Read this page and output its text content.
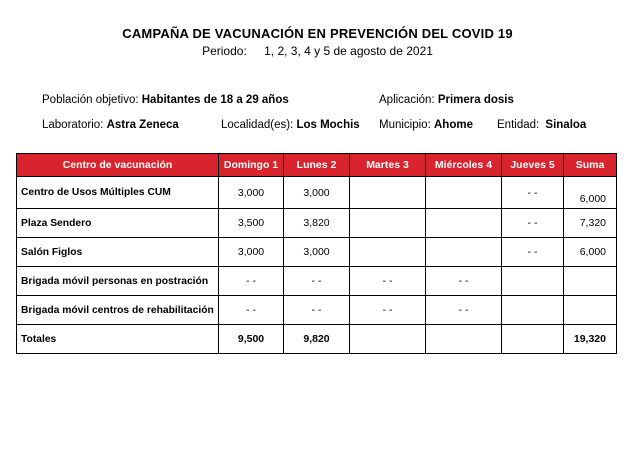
CAMPAÑA DE VACUNACIÓN EN PREVENCIÓN DEL COVID 19
Periodo: 1, 2, 3, 4 y 5 de agosto de 2021
Población objetivo: Habitantes de 18 a 29 años	Aplicación: Primera dosis
Laboratorio: Astra Zeneca	Localidad(es): Los Mochis Municipio: Ahome Entidad: Sinaloa
Centro de vacunación	Domingo 1	Lunes 2	Martes 3	Miércoles 4	Jueves 5	Suma
Centro de Usos Múltiples CUM	3,000	3,000			- -	6,000
Plaza Sendero	3,500	3,820			- -	7,320
Salón Figlos	3,000	3,000			- -	6,000
Brigada móvil personas en postración	- -	- -	- -	- -		
Brigada móvil centros de rehabilitación	- -	- -	- -	- -		
Totales	9,500	9,820				19,320
